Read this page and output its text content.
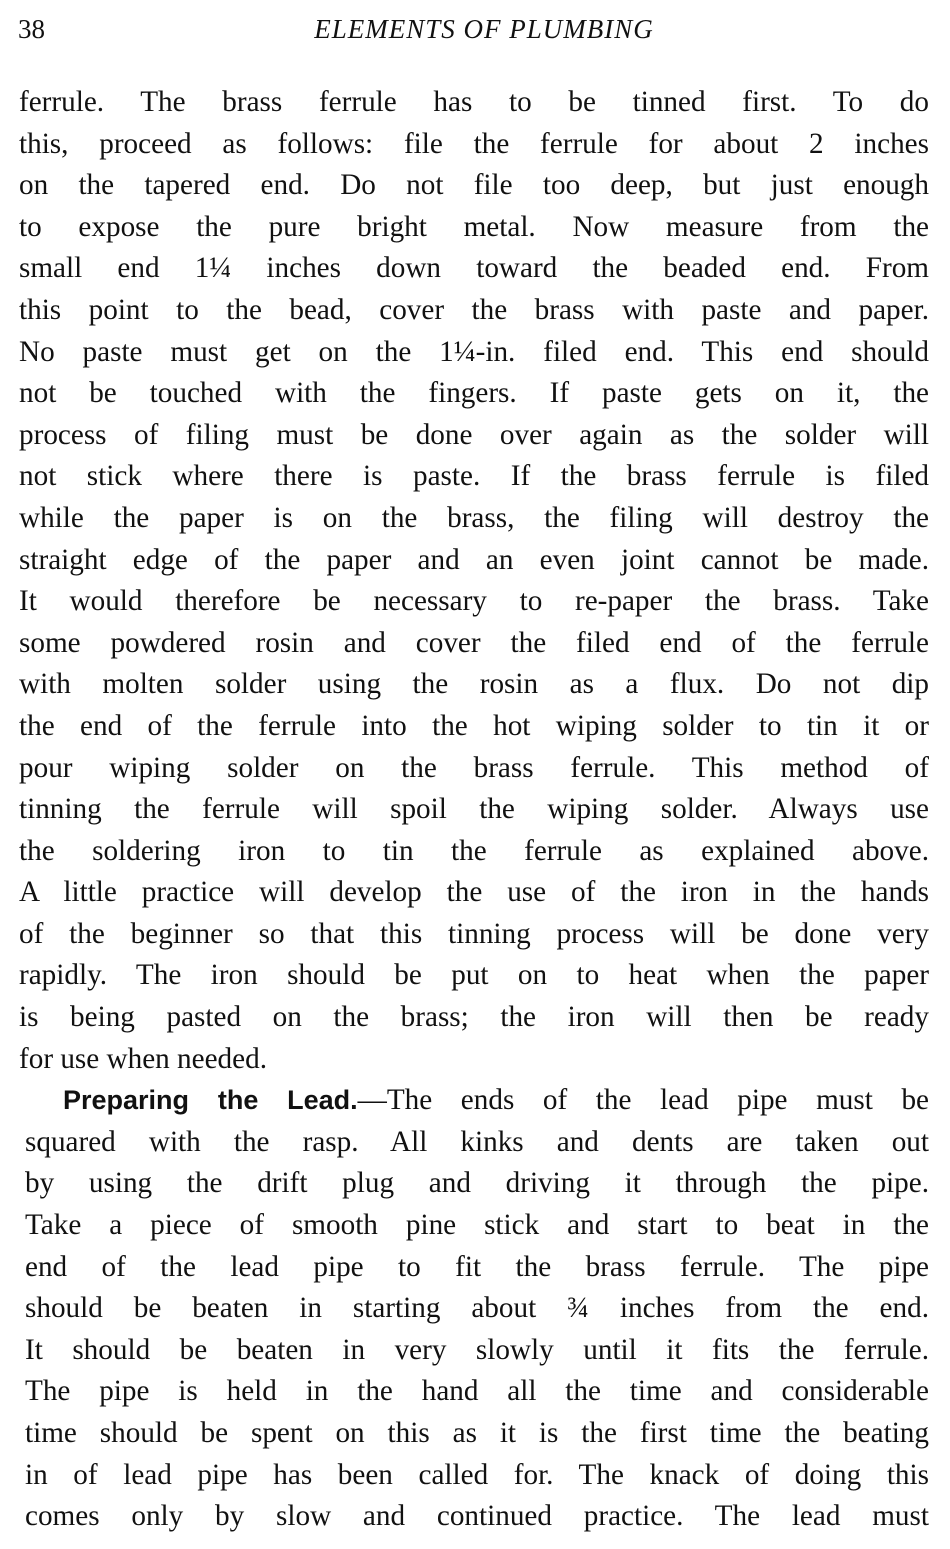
38	ELEMENTS OF PLUMBING
ferrule. The brass ferrule has to be tinned first. To do
this, proceed as follows: file the ferrule for about 2 inches
on the tapered end. Do not file too deep, but just enough
to expose the pure bright metal. Now measure from the
small end 1¼ inches down toward the beaded end. From
this point to the bead, cover the brass with paste and paper.
No paste must get on the 1¼-in. filed end. This end should
not be touched with the fingers. If paste gets on it, the
process of filing must be done over again as the solder will
not stick where there is paste. If the brass ferrule is filed
while the paper is on the brass, the filing will destroy the
straight edge of the paper and an even joint cannot be made.
It would therefore be necessary to re-paper the brass. Take
some powdered rosin and cover the filed end of the ferrule
with molten solder using the rosin as a flux. Do not dip
the end of the ferrule into the hot wiping solder to tin it or
pour wiping solder on the brass ferrule. This method of
tinning the ferrule will spoil the wiping solder. Always use
the soldering iron to tin the ferrule as explained above.
A little practice will develop the use of the iron in the hands
of the beginner so that this tinning process will be done very
rapidly. The iron should be put on to heat when the paper
is being pasted on the brass; the iron will then be ready
for use when needed.
Preparing the Lead.—The ends of the lead pipe must be
squared with the rasp. All kinks and dents are taken out
by using the drift plug and driving it through the pipe.
Take a piece of smooth pine stick and start to beat in the
end of the lead pipe to fit the brass ferrule. The pipe
should be beaten in starting about ¾ inches from the end.
It should be beaten in very slowly until it fits the ferrule.
The pipe is held in the hand all the time and considerable
time should be spent on this as it is the first time the beating
in of lead pipe has been called for. The knack of doing this
comes only by slow and continued practice. The lead must
